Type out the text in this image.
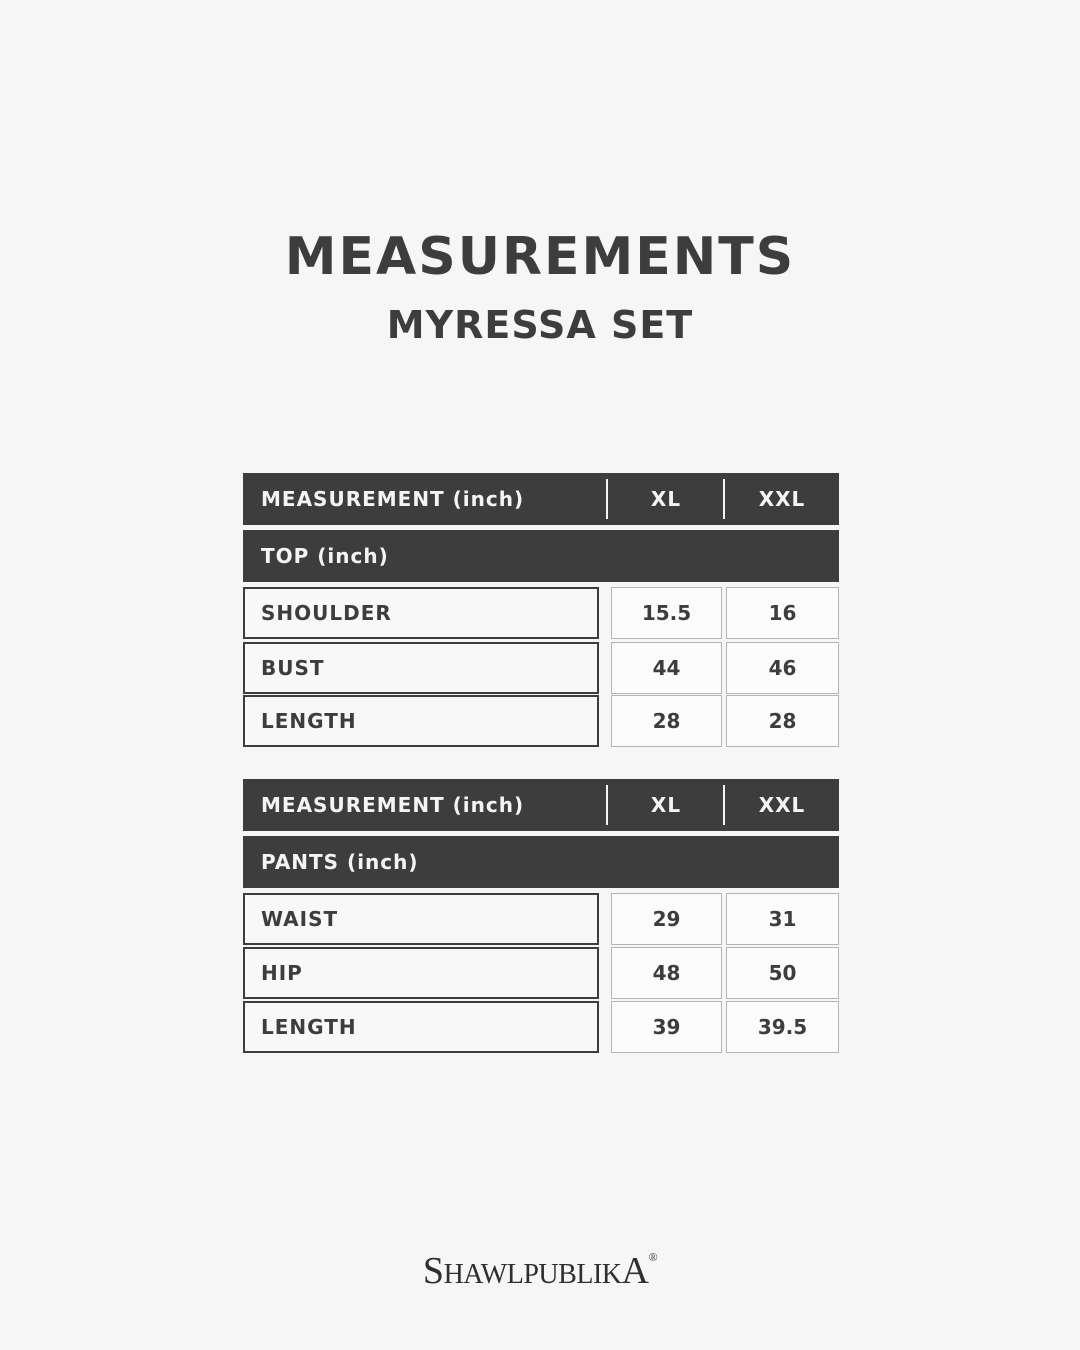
MEASUREMENTS
MYRESSA SET
MEASUREMENT (inch)	XL	XXL
TOP (inch)
SHOULDER	15.5	16
BUST	44	46
LENGTH	28	28
MEASUREMENT (inch)	XL	XXL
PANTS (inch)
WAIST	29	31
HIP	48	50
LENGTH	39	39.5
SHAWLPUBLIKA®
